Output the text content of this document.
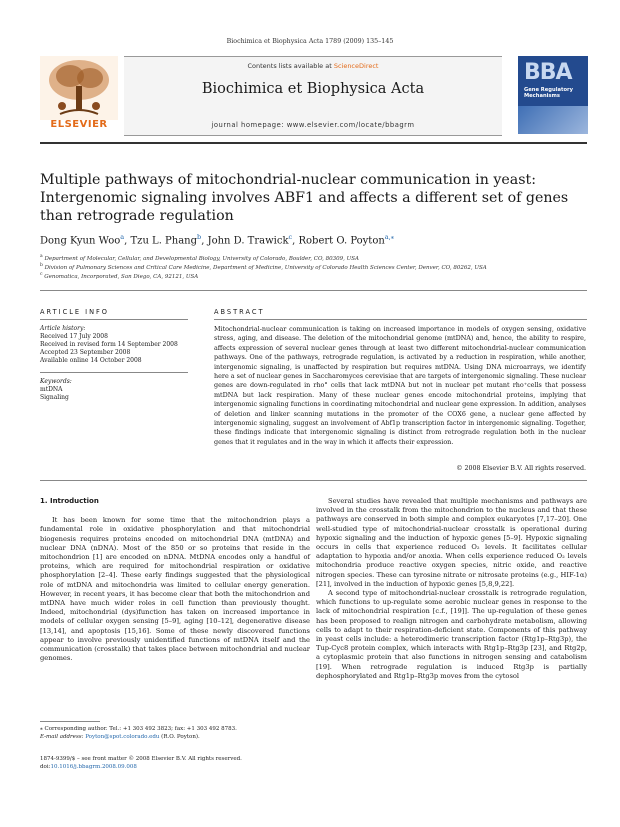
Biochimica et Biophysica Acta 1789 (2009) 135–145
ELSEVIER
Contents lists available at ScienceDirect
Biochimica et Biophysica Acta
journal homepage: www.elsevier.com/locate/bbagrm
BBA
Gene Regulatory Mechanisms
Multiple pathways of mitochondrial-nuclear communication in yeast: Intergenomic signaling involves ABF1 and affects a different set of genes than retrograde regulation
Dong Kyun Woo$^a$, Tzu L. Phang$^b$, John D. Trawick$^c$, Robert O. Poyton$^{a,⁎}$
$^a$ Department of Molecular, Cellular, and Developmental Biology, University of Colorado, Boulder, CO, 80309, USA
$^b$ Division of Pulmonary Sciences and Critical Care Medicine, Department of Medicine, University of Colorado Health Sciences Center, Denver, CO, 80262, USA
$^c$ Genomatica, Incorporated, San Diego, CA, 92121, USA
ARTICLE INFO
Article history:
Received 17 July 2008
Received in revised form 14 September 2008
Accepted 23 September 2008
Available online 14 October 2008
Keywords:
mtDNA
Signaling
ABSTRACT
Mitochondrial-nuclear communication is taking on increased importance in models of oxygen sensing, oxidative stress, aging, and disease. The deletion of the mitochondrial genome (mtDNA) and, hence, the ability to respire, affects expression of several nuclear genes through at least two different mitochondrial-nuclear communication pathways. One of the pathways, retrograde regulation, is activated by a reduction in respiration, while another, intergenomic signaling, is unaffected by respiration but requires mtDNA. Using DNA microarrays, we identify here a set of nuclear genes in Saccharomyces cerevisiae that are targets of intergenomic signaling. These nuclear genes are down-regulated in rho° cells that lack mtDNA but not in nuclear pet mutant rho⁺cells that possess mtDNA but lack respiration. Many of these nuclear genes encode mitochondrial proteins, implying that intergenomic signaling functions in coordinating mitochondrial and nuclear gene expression. In addition, analyses of deletion and linker scanning mutations in the promoter of the COX6 gene, a nuclear gene affected by intergenomic signaling, suggest an involvement of Abf1p transcription factor in intergenomic signaling. Together, these findings indicate that intergenomic signaling is distinct from retrograde regulation both in the nuclear genes that it regulates and in the way in which it affects their expression.
© 2008 Elsevier B.V. All rights reserved.

1. Introduction

It has been known for some time that the mitochondrion plays a fundamental role in oxidative phosphorylation and that mitochondrial biogenesis requires proteins encoded on mitochondrial DNA (mtDNA) and nuclear DNA (nDNA). Most of the 850 or so proteins that reside in the mitochondrion [1] are encoded on nDNA. MtDNA encodes only a handful of proteins, which are required for mitochondrial respiration or oxidative phosphorylation [2–4]. These early findings suggested that the physiological role of mtDNA and mitochondria was limited to cellular energy generation. However, in recent years, it has become clear that both the mitochondrion and mtDNA have much wider roles in cell function than previously thought. Indeed, mitochondrial (dys)function has taken on increased importance in models of cellular oxygen sensing [5–9], aging [10–12], degenerative disease [13,14], and apoptosis [15,16]. Some of these newly discovered functions appear to involve previously unidentified functions of mtDNA itself and the communication (crosstalk) that takes place between mitochondrial and nuclear genomes.

Several studies have revealed that multiple mechanisms and pathways are involved in the crosstalk from the mitochondrion to the nucleus and that these pathways are conserved in both simple and complex eukaryotes [7,17–20]. One well-studied type of mitochondrial-nuclear crosstalk is operational during hypoxic signaling and the induction of hypoxic genes [5–9]. Hypoxic signaling occurs in cells that experience reduced O₂ levels. It facilitates cellular adaptation to hypoxia and/or anoxia. When cells experience reduced O₂ levels mitochondria produce reactive oxygen species, nitric oxide, and reactive nitrogen species. These can tyrosine nitrate or nitrosate proteins (e.g., HIF-1α) [21], involved in the induction of hypoxic genes [5,8,9,22].

A second type of mitochondrial-nuclear crosstalk is retrograde regulation, which functions to up-regulate some aerobic nuclear genes in response to the lack of mitochondrial respiration [c.f., [19]]. The up-regulation of these genes has been proposed to realign nitrogen and carbohydrate metabolism, allowing cells to adapt to their respiration-deficient state. Components of this pathway in yeast cells include: a heterodimeric transcription factor (Rtg1p–Rtg3p), the Tup-Cyc8 protein complex, which interacts with Rtg1p–Rtg3p [23], and Rtg2p, a cytoplasmic protein that also functions in nitrogen sensing and catabolism [19]. When retrograde regulation is induced Rtg3p is partially dephosphorylated and Rtg1p–Rtg3p moves from the cytosol

⁎ Corresponding author. Tel.: +1 303 492 3823; fax: +1 303 492 8783.
E-mail address: Poyton@spot.colorado.edu (R.O. Poyton).
1874-9399/$ – see front matter © 2008 Elsevier B.V. All rights reserved.
doi:10.1016/j.bbagrm.2008.09.008
